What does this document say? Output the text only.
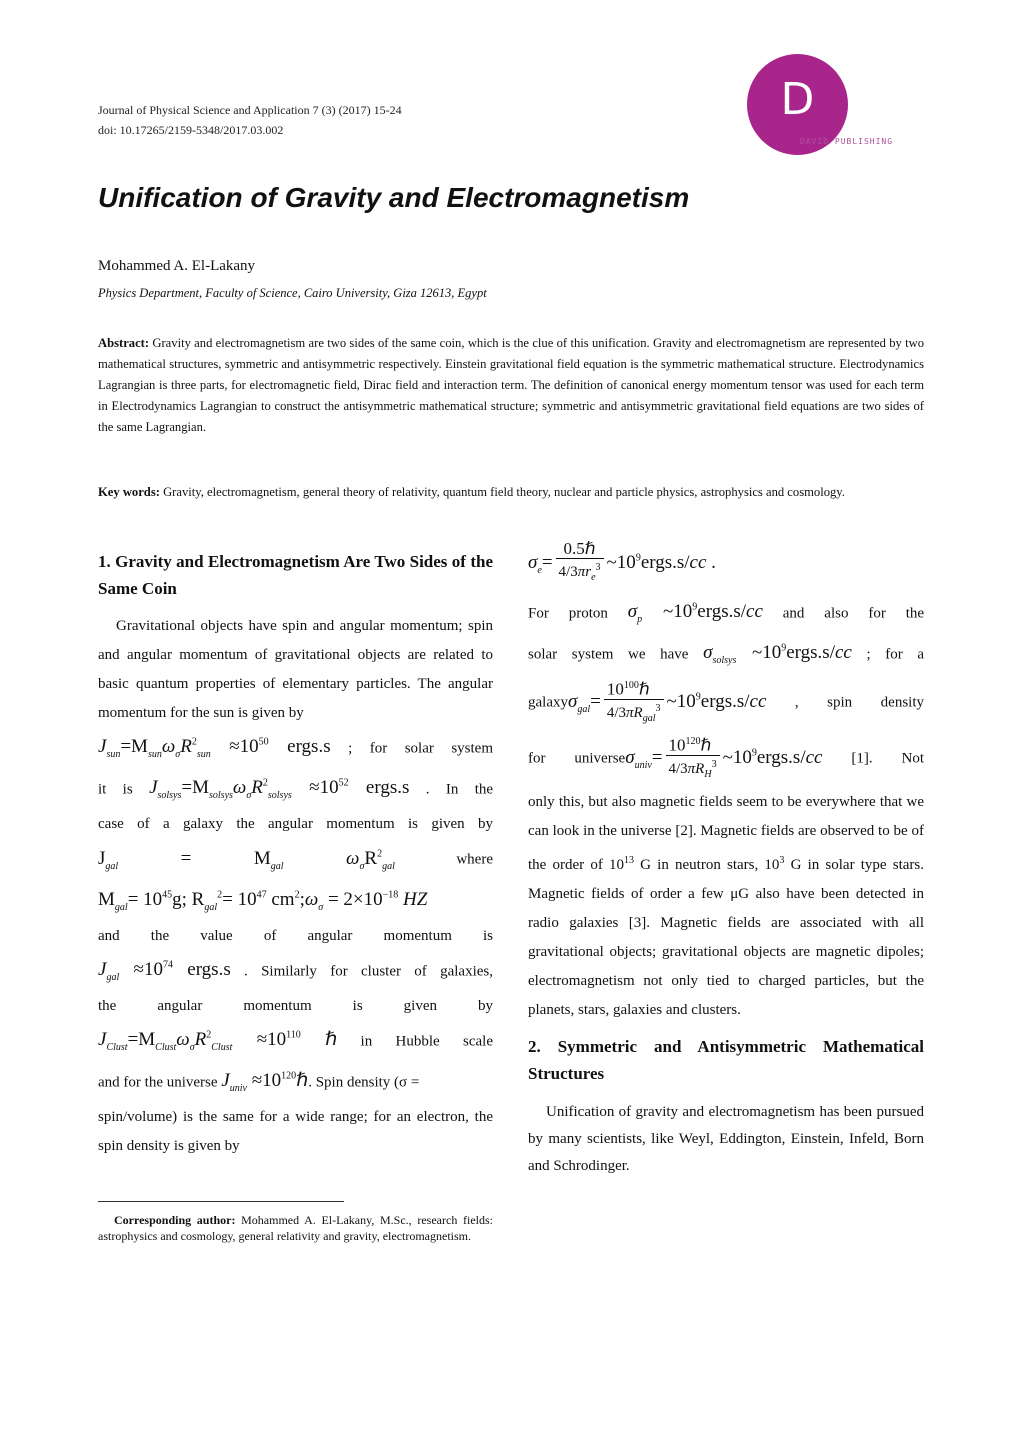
Journal of Physical Science and Application 7 (3) (2017) 15-24
doi: 10.17265/2159-5348/2017.03.002
D
DAVID PUBLISHING
Unification of Gravity and Electromagnetism
Mohammed A. El-Lakany
Physics Department, Faculty of Science, Cairo University, Giza 12613, Egypt
Abstract: Gravity and electromagnetism are two sides of the same coin, which is the clue of this unification. Gravity and electromagnetism are represented by two mathematical structures, symmetric and antisymmetric respectively. Einstein gravitational field equation is the symmetric mathematical structure. Electrodynamics Lagrangian is three parts, for electromagnetic field, Dirac field and interaction term. The definition of canonical energy momentum tensor was used for each term in Electrodynamics Lagrangian to construct the antisymmetric mathematical structure; symmetric and antisymmetric gravitational field equations are two sides of the same Lagrangian.
Key words: Gravity, electromagnetism, general theory of relativity, quantum field theory, nuclear and particle physics, astrophysics and cosmology.
1. Gravity and Electromagnetism Are Two Sides of the Same Coin

Gravitational objects have spin and angular momentum; spin and angular momentum of gravitational objects are related to basic quantum properties of elementary particles. The angular momentum for the sun is given by

$J_{sun}=M_{sun}\omega_\sigma R^2_{sun} \approx 10^{50}$ ergs.s ; for solar system

it is $J_{solsys}=M_{solsys}\omega_\sigma R^2_{solsys} \approx 10^{52}$ ergs.s . In the

case of a galaxy the angular momentum is given by

$J_{gal} = M_{gal}$	$\omega_\sigma R^2_{gal}$	where

$M_{gal}= 10^{45}g$; $R_{gal}^2= 10^{47}$ $cm^2;\omega_\sigma = 2\times 10^{-18}$ HZ

and the value of angular momentum is

$J_{gal} \approx 10^{74}$ ergs.s . Similarly for cluster of galaxies,

the angular momentum is given by

$J_{Clust}=M_{Clust}\omega_\sigma R^2_{Clust} \approx 10^{110}$ ℏ in Hubble scale

and for the universe $J_{univ}$ $\approx 10^{120}\hbar$. Spin density (σ =

spin/volume) is the same for a wide range; for an electron, the spin density is given by

$\sigma_e= \frac{\text{0.5ℏ}}{4/3\pi r_e^3}$ $\sim 10^9ergs.s/cc$ .

For proton $\sigma_p$ $\sim 10^9ergs.s/cc$ and also for the

solar system we have $\sigma_{solsys}$ $\sim 10^9ergs.s/cc$ ; for a

galaxyσ$_{gal}$= $\frac{10^{100}\hbar}{4/3\pi R_{gal}^3}$ $\sim 10^9ergs.s/cc$ , spin density

for universeσ$_{univ}$= $\frac{10^{120}\hbar}{4/3\pi R_H^3}$ $\sim 10^9ergs.s/cc$ [1]. Not

only this, but also magnetic fields seem to be everywhere that we can look in the universe [2]. Magnetic fields are observed to be of the order of $10^{13}$ G in neutron stars, $10^3$ G in solar type stars. Magnetic fields of order a few μG also have been detected in radio galaxies [3]. Magnetic fields are associated with all gravitational objects; gravitational objects are magnetic dipoles; electromagnetism not only tied to charged particles, but the planets, stars, galaxies and clusters.

2. Symmetric and Antisymmetric Mathematical Structures

Unification of gravity and electromagnetism has been pursued by many scientists, like Weyl, Eddington, Einstein, Infeld, Born and Schrodinger.

Corresponding author: Mohammed A. El-Lakany, M.Sc., research fields: astrophysics and cosmology, general relativity and gravity, electromagnetism.
